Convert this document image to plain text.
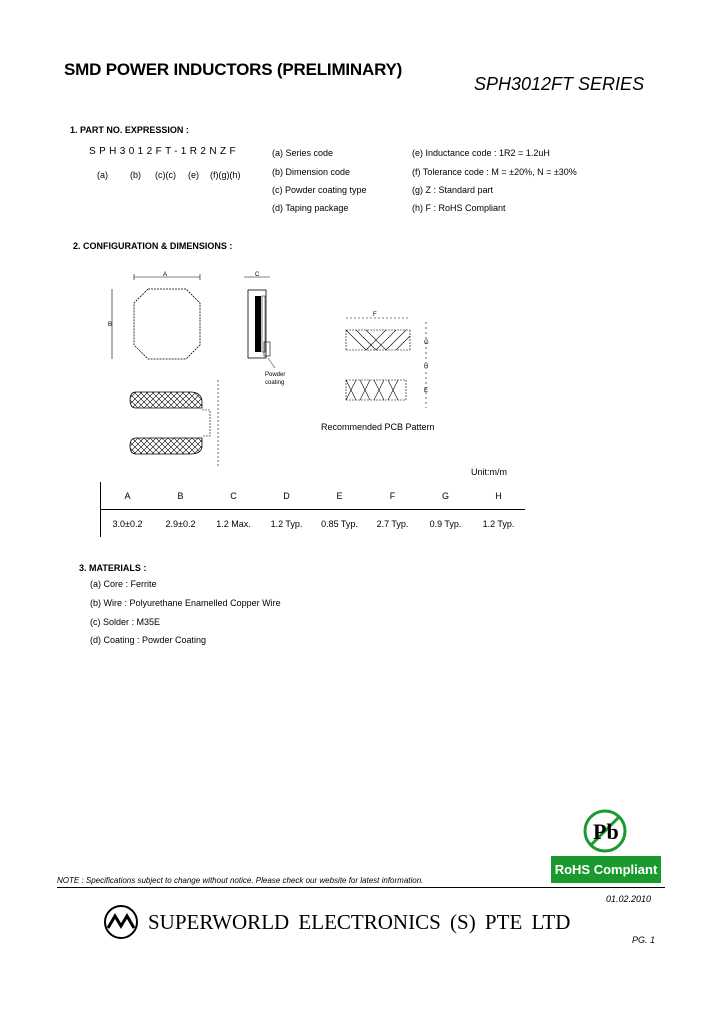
SMD POWER INDUCTORS (PRELIMINARY)
SPH3012FT SERIES
1. PART NO. EXPRESSION :
SPH3012FT-1R2NZF
(a) (b) (c)(c) (e) (f)(g)(h)
(a) Series code
(b) Dimension code
(c) Powder coating type
(d) Taping package
(e) Inductance code : 1R2 = 1.2uH
(f) Tolerance code : M = ±20%, N = ±30%
(g) Z : Standard part
(h) F : RoHS Compliant
2. CONFIGURATION & DIMENSIONS :
A
B
C
Powder
coating
F
G
H
E
Recommended PCB Pattern
Unit:m/m
A	B	C	D	E	F	G	H
3.0±0.2	2.9±0.2	1.2 Max.	1.2 Typ.	0.85 Typ.	2.7 Typ.	0.9 Typ.	1.2 Typ.
3. MATERIALS :
(a) Core : Ferrite
(b) Wire : Polyurethane Enamelled Copper Wire
(c) Solder : M35E
(d) Coating : Powder Coating
Pb
RoHS Compliant
NOTE : Specifications subject to change without notice. Please check our website for latest information.
01.02.2010
SUPERWORLD ELECTRONICS (S) PTE LTD
PG. 1
